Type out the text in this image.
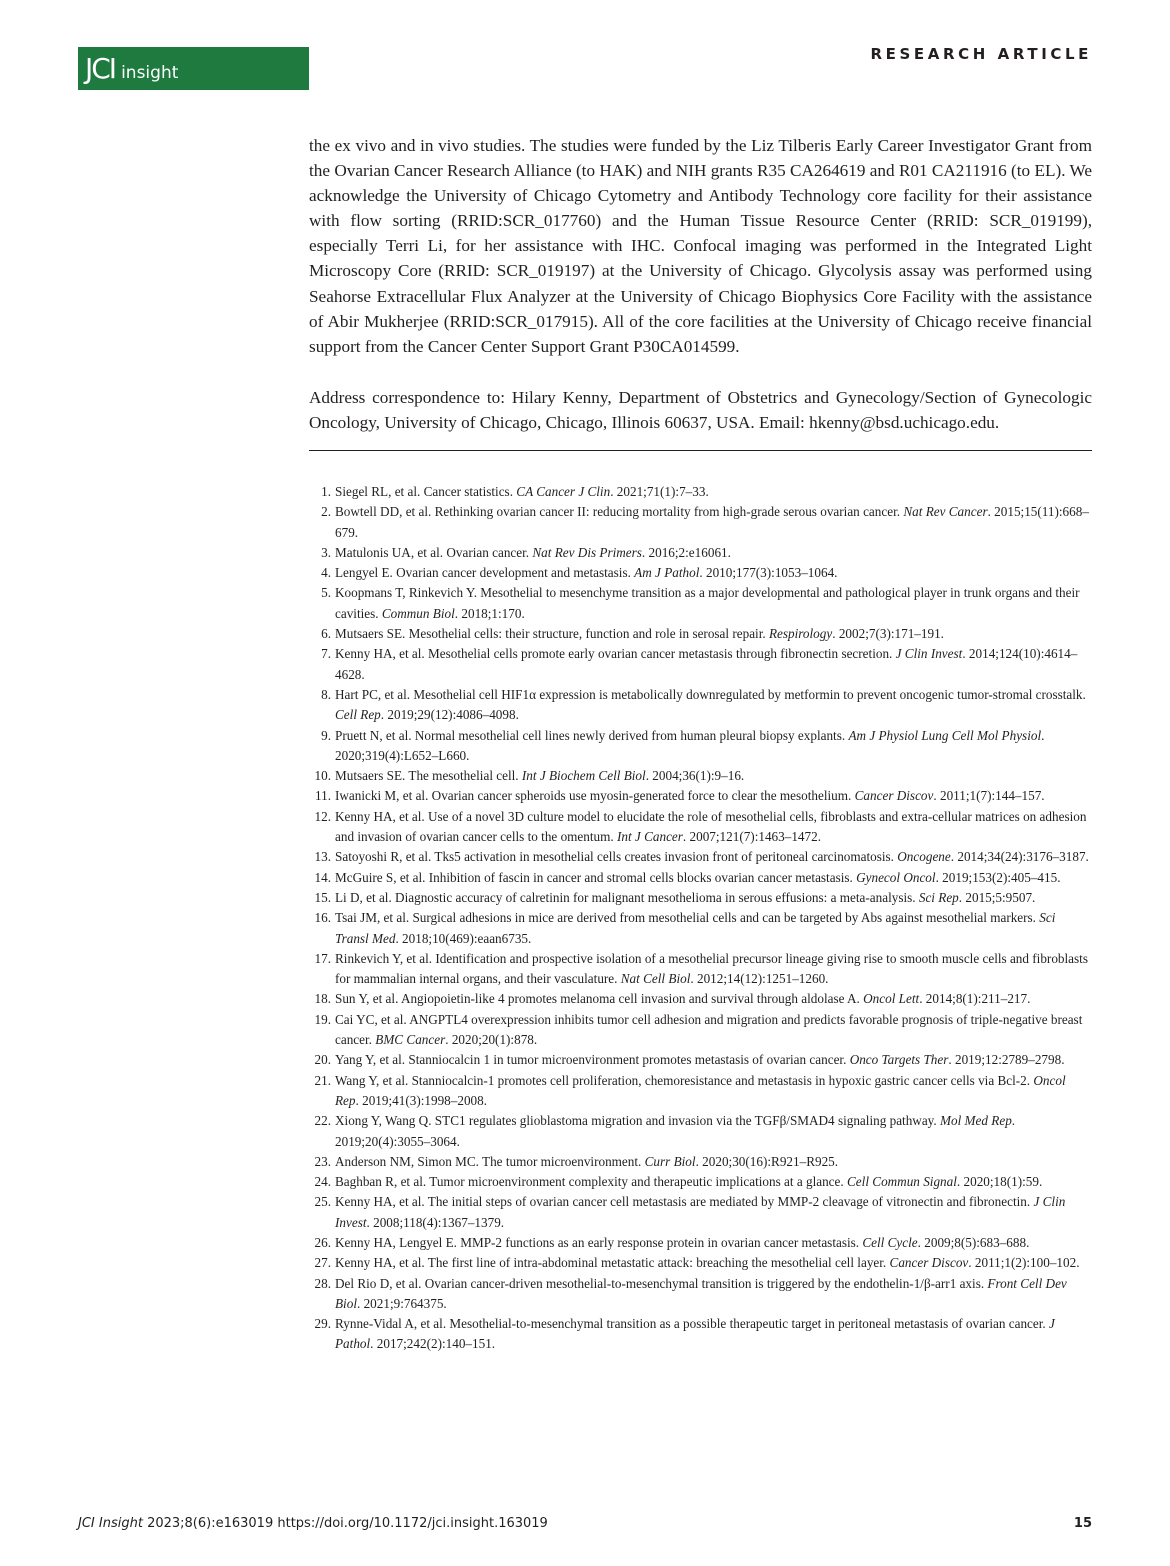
JCI insight
RESEARCH ARTICLE

the ex vivo and in vivo studies. The studies were funded by the Liz Tilberis Early Career Investigator Grant from the Ovarian Cancer Research Alliance (to HAK) and NIH grants R35 CA264619 and R01 CA211916 (to EL). We acknowledge the University of Chicago Cytometry and Antibody Technology core facility for their assistance with flow sorting (RRID:SCR_017760) and the Human Tissue Resource Center (RRID: SCR_019199), especially Terri Li, for her assistance with IHC. Confocal imaging was performed in the Integrated Light Microscopy Core (RRID: SCR_019197) at the University of Chicago. Glycolysis assay was performed using Seahorse Extracellular Flux Analyzer at the University of Chicago Biophysics Core Facility with the assistance of Abir Mukherjee (RRID:SCR_017915). All of the core facilities at the University of Chicago receive financial support from the Cancer Center Support Grant P30CA014599.

Address correspondence to: Hilary Kenny, Department of Obstetrics and Gynecology/Section of Gynecologic Oncology, University of Chicago, Chicago, Illinois 60637, USA. Email: hkenny@bsd.uchicago.edu.

1. Siegel RL, et al. Cancer statistics. CA Cancer J Clin. 2021;71(1):7–33.
2. Bowtell DD, et al. Rethinking ovarian cancer II: reducing mortality from high-grade serous ovarian cancer. Nat Rev Cancer. 2015;15(11):668–679.
3. Matulonis UA, et al. Ovarian cancer. Nat Rev Dis Primers. 2016;2:e16061.
4. Lengyel E. Ovarian cancer development and metastasis. Am J Pathol. 2010;177(3):1053–1064.
5. Koopmans T, Rinkevich Y. Mesothelial to mesenchyme transition as a major developmental and pathological player in trunk organs and their cavities. Commun Biol. 2018;1:170.
6. Mutsaers SE. Mesothelial cells: their structure, function and role in serosal repair. Respirology. 2002;7(3):171–191.
7. Kenny HA, et al. Mesothelial cells promote early ovarian cancer metastasis through fibronectin secretion. J Clin Invest. 2014;124(10):4614–4628.
8. Hart PC, et al. Mesothelial cell HIF1α expression is metabolically downregulated by metformin to prevent oncogenic tumor-stromal crosstalk. Cell Rep. 2019;29(12):4086–4098.
9. Pruett N, et al. Normal mesothelial cell lines newly derived from human pleural biopsy explants. Am J Physiol Lung Cell Mol Physiol. 2020;319(4):L652–L660.
10. Mutsaers SE. The mesothelial cell. Int J Biochem Cell Biol. 2004;36(1):9–16.
11. Iwanicki M, et al. Ovarian cancer spheroids use myosin-generated force to clear the mesothelium. Cancer Discov. 2011;1(7):144–157.
12. Kenny HA, et al. Use of a novel 3D culture model to elucidate the role of mesothelial cells, fibroblasts and extra-cellular matrices on adhesion and invasion of ovarian cancer cells to the omentum. Int J Cancer. 2007;121(7):1463–1472.
13. Satoyoshi R, et al. Tks5 activation in mesothelial cells creates invasion front of peritoneal carcinomatosis. Oncogene. 2014;34(24):3176–3187.
14. McGuire S, et al. Inhibition of fascin in cancer and stromal cells blocks ovarian cancer metastasis. Gynecol Oncol. 2019;153(2):405–415.
15. Li D, et al. Diagnostic accuracy of calretinin for malignant mesothelioma in serous effusions: a meta-analysis. Sci Rep. 2015;5:9507.
16. Tsai JM, et al. Surgical adhesions in mice are derived from mesothelial cells and can be targeted by Abs against mesothelial markers. Sci Transl Med. 2018;10(469):eaan6735.
17. Rinkevich Y, et al. Identification and prospective isolation of a mesothelial precursor lineage giving rise to smooth muscle cells and fibroblasts for mammalian internal organs, and their vasculature. Nat Cell Biol. 2012;14(12):1251–1260.
18. Sun Y, et al. Angiopoietin-like 4 promotes melanoma cell invasion and survival through aldolase A. Oncol Lett. 2014;8(1):211–217.
19. Cai YC, et al. ANGPTL4 overexpression inhibits tumor cell adhesion and migration and predicts favorable prognosis of triple-negative breast cancer. BMC Cancer. 2020;20(1):878.
20. Yang Y, et al. Stanniocalcin 1 in tumor microenvironment promotes metastasis of ovarian cancer. Onco Targets Ther. 2019;12:2789–2798.
21. Wang Y, et al. Stanniocalcin-1 promotes cell proliferation, chemoresistance and metastasis in hypoxic gastric cancer cells via Bcl-2. Oncol Rep. 2019;41(3):1998–2008.
22. Xiong Y, Wang Q. STC1 regulates glioblastoma migration and invasion via the TGFβ/SMAD4 signaling pathway. Mol Med Rep. 2019;20(4):3055–3064.
23. Anderson NM, Simon MC. The tumor microenvironment. Curr Biol. 2020;30(16):R921–R925.
24. Baghban R, et al. Tumor microenvironment complexity and therapeutic implications at a glance. Cell Commun Signal. 2020;18(1):59.
25. Kenny HA, et al. The initial steps of ovarian cancer cell metastasis are mediated by MMP-2 cleavage of vitronectin and fibronectin. J Clin Invest. 2008;118(4):1367–1379.
26. Kenny HA, Lengyel E. MMP-2 functions as an early response protein in ovarian cancer metastasis. Cell Cycle. 2009;8(5):683–688.
27. Kenny HA, et al. The first line of intra-abdominal metastatic attack: breaching the mesothelial cell layer. Cancer Discov. 2011;1(2):100–102.
28. Del Rio D, et al. Ovarian cancer-driven mesothelial-to-mesenchymal transition is triggered by the endothelin-1/β-arr1 axis. Front Cell Dev Biol. 2021;9:764375.
29. Rynne-Vidal A, et al. Mesothelial-to-mesenchymal transition as a possible therapeutic target in peritoneal metastasis of ovarian cancer. J Pathol. 2017;242(2):140–151.
JCI Insight 2023;8(6):e163019 https://doi.org/10.1172/jci.insight.163019	15
